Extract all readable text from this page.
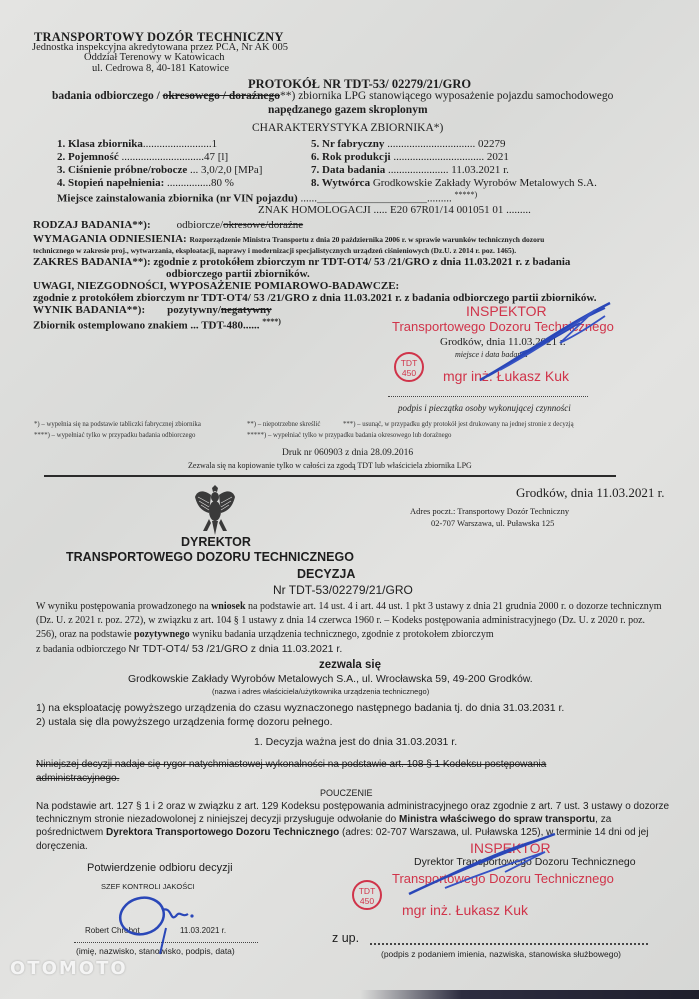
TRANSPORTOWY DOZÓR TECHNICZNY
Jednostka inspekcyjna akredytowana przez PCA, Nr AK 005
Oddział Terenowy w Katowicach
ul. Cedrowa 8, 40-181 Katowice
PROTOKÓŁ NR TDT-53/ 02279/21/GRO
badania odbiorczego / okresowego / doraźnego**) zbiornika LPG stanowiącego wyposażenie pojazdu samochodowego
napędzanego gazem skroplonym
CHARAKTERYSTYKA ZBIORNIKA*)
1. Klasa zbiornika.........................1
2. Pojemność ..............................47 [l]
3. Ciśnienie próbne/robocze ... 3,0/2,0 [MPa]
4. Stopień napełnienia: ................80 %
5. Nr fabryczny ................................ 02279
6. Rok produkcji ................................. 2021
7. Data badania ...................... 11.03.2021 r.
8. Wytwórca Grodkowskie Zakłady Wyrobów Metalowych S.A.
Miejsce zainstalowania zbiornika (nr VIN pojazdu) ......____________________......... *****)
ZNAK HOMOLOGACJI ..... E20 67R01/14 001051 01 .........
RODZAJ BADANIA**): odbiorcze/okresowe/doraźne
WYMAGANIA ODNIESIENIA: Rozporządzenie Ministra Transportu z dnia 20 października 2006 r. w sprawie warunków technicznych dozoru
technicznego w zakresie proj., wytwarzania, eksploatacji, naprawy i modernizacji specjalistycznych urządzeń ciśnieniowych (Dz.U. z 2014 r. poz. 1465).
ZAKRES BADANIA**): zgodnie z protokółem zbiorczym nr TDT-OT4/ 53 /21/GRO z dnia 11.03.2021 r. z badania
odbiorczego partii zbiorników.
UWAGI, NIEZGODNOŚCI, WYPOSAŻENIE POMIAROWO-BADAWCZE:
zgodnie z protokółem zbiorczym nr TDT-OT4/ 53 /21/GRO z dnia 11.03.2021 r. z badania odbiorczego partii zbiorników.
WYNIK BADANIA**): pozytywny/negatywny
Zbiornik ostemplowano znakiem ... TDT-480...... ****)
INSPEKTOR
Transportowego Dozoru Technicznego
Grodków, dnia 11.03.2021 r.
miejsce i data badania
TDT
450	mgr inż. Łukasz Kuk
podpis i pieczątka osoby wykonującej czynności
*) – wypełnia się na podstawie tabliczki fabrycznej zbiornika	**) – niepotrzebne skreślić	***) – usunąć, w przypadku gdy protokół jest drukowany na jednej stronie z decyzją
****) – wypełniać tylko w przypadku badania odbiorczego	*****) – wypełniać tylko w przypadku badania okresowego lub doraźnego
Druk nr 060903 z dnia 28.09.2016
Zezwala się na kopiowanie tylko w całości za zgodą TDT lub właściciela zbiornika LPG
Grodków, dnia 11.03.2021 r.
Adres poczt.: Transportowy Dozór Techniczny
02-707 Warszawa, ul. Puławska 125
DYREKTOR
TRANSPORTOWEGO DOZORU TECHNICZNEGO
DECYZJA
Nr TDT-53/02279/21/GRO
W wyniku postępowania prowadzonego na wniosek na podstawie art. 14 ust. 4 i art. 44 ust. 1 pkt 3 ustawy z dnia 21 grudnia 2000 r. o dozorze technicznym (Dz. U. z 2021 r. poz. 272), w związku z art. 104 § 1 ustawy z dnia 14 czerwca 1960 r. – Kodeks postępowania administracyjnego (Dz. U. z 2020 r. poz. 256), oraz na podstawie pozytywnego wyniku badania urządzenia technicznego, zgodnie z protokołem zbiorczym
z badania odbiorczego Nr TDT-OT4/ 53 /21/GRO z dnia 11.03.2021 r.
zezwala się
Grodkowskie Zakłady Wyrobów Metalowych S.A., ul. Wrocławska 59, 49-200 Grodków.
(nazwa i adres właściciela/użytkownika urządzenia technicznego)
1) na eksploatację powyższego urządzenia do czasu wyznaczonego następnego badania tj. do dnia 31.03.2031 r.
2) ustala się dla powyższego urządzenia formę dozoru pełnego.
1. Decyzja ważna jest do dnia 31.03.2031 r.
Niniejszej decyzji nadaje się rygor natychmiastowej wykonalności na podstawie art. 108 § 1 Kodeksu postępowania
administracyjnego.
POUCZENIE
Na podstawie art. 127 § 1 i 2 oraz w związku z art. 129 Kodeksu postępowania administracyjnego oraz zgodnie z art. 7 ust. 3 ustawy o dozorze technicznym stronie niezadowolonej z niniejszej decyzji przysługuje odwołanie do Ministra właściwego do spraw transportu, za pośrednictwem Dyrektora Transportowego Dozoru Technicznego (adres: 02-707 Warszawa, ul. Puławska 125), w terminie 14 dni od jej doręczenia.	INSPEKTOR
Dyrektor Transportowego Dozoru Technicznego
Transportowego Dozoru Technicznego
TDT
450
mgr inż. Łukasz Kuk
z up.
(podpis z podaniem imienia, nazwiska, stanowiska służbowego)
Potwierdzenie odbioru decyzji
SZEF KONTROLI JAKOŚCI
Robert Chrobot	11.03.2021 r.
(imię, nazwisko, stanowisko, podpis, data)
OTOMOTO
